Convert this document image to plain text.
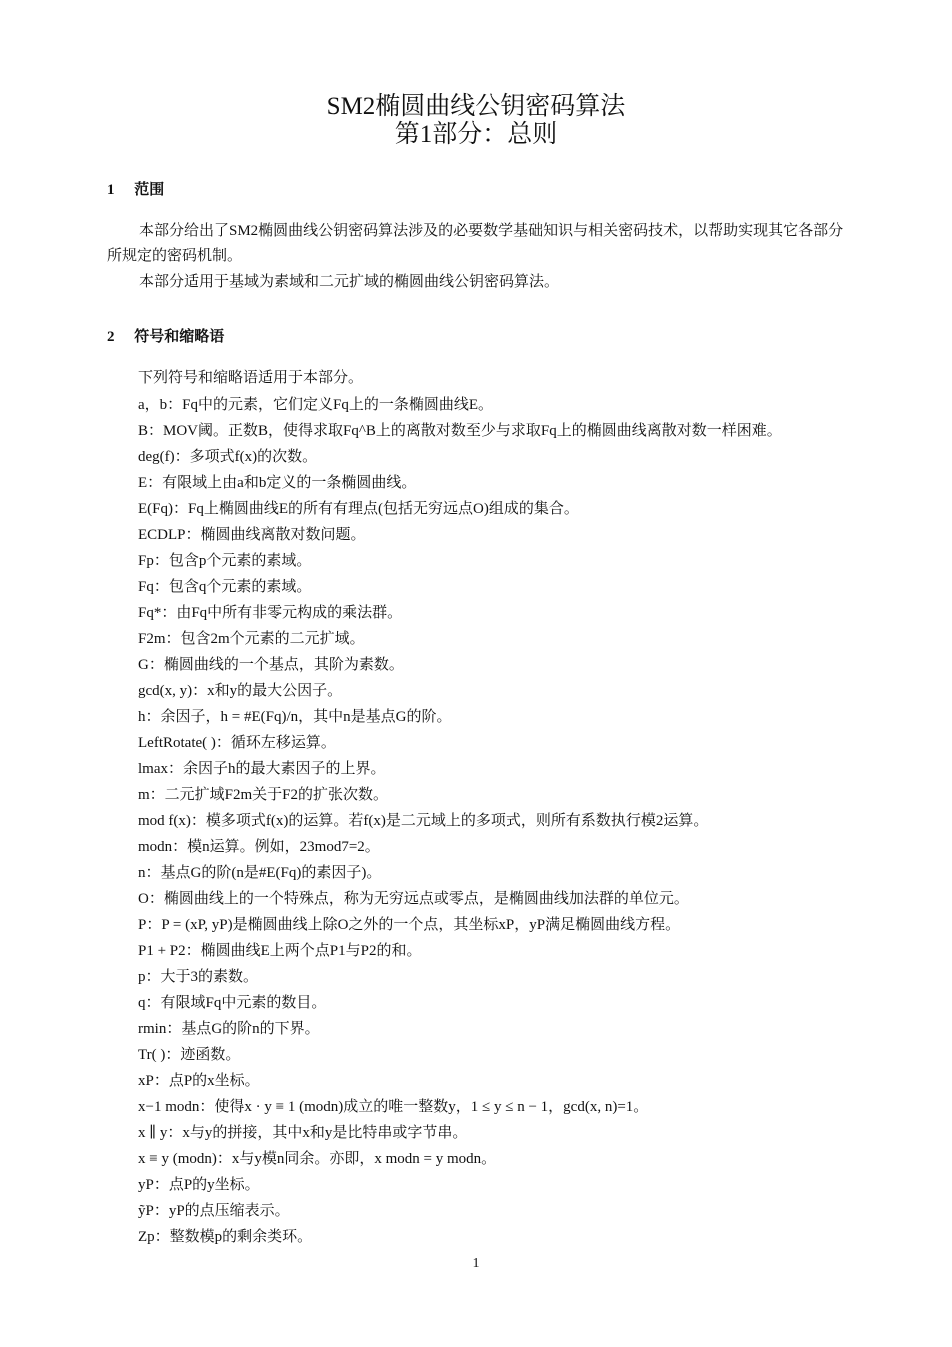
SM2椭圆曲线公钥密码算法
第1部分：总则
1 范围
本部分给出了SM2椭圆曲线公钥密码算法涉及的必要数学基础知识与相关密码技术，以帮助实现其它各部分所规定的密码机制。
本部分适用于基域为素域和二元扩域的椭圆曲线公钥密码算法。
2 符号和缩略语
下列符号和缩略语适用于本部分。
a，b：Fq中的元素，它们定义Fq上的一条椭圆曲线E。
B：MOV阈。正数B，使得求取Fq^B上的离散对数至少与求取Fq上的椭圆曲线离散对数一样困难。
deg(f)：多项式f(x)的次数。
E：有限域上由a和b定义的一条椭圆曲线。
E(Fq)：Fq上椭圆曲线E的所有有理点(包括无穷远点O)组成的集合。
ECDLP：椭圆曲线离散对数问题。
Fp：包含p个元素的素域。
Fq：包含q个元素的素域。
Fq*：由Fq中所有非零元构成的乘法群。
F2m：包含2m个元素的二元扩域。
G：椭圆曲线的一个基点，其阶为素数。
gcd(x, y)：x和y的最大公因子。
h：余因子，h = #E(Fq)/n，其中n是基点G的阶。
LeftRotate( )：循环左移运算。
lmax：余因子h的最大素因子的上界。
m：二元扩域F2m关于F2的扩张次数。
mod f(x)：模多项式f(x)的运算。若f(x)是二元域上的多项式，则所有系数执行模2运算。
modn：模n运算。例如，23mod7=2。
n：基点G的阶(n是#E(Fq)的素因子)。
O：椭圆曲线上的一个特殊点，称为无穷远点或零点，是椭圆曲线加法群的单位元。
P：P = (xP, yP)是椭圆曲线上除O之外的一个点，其坐标xP，yP满足椭圆曲线方程。
P1 + P2：椭圆曲线E上两个点P1与P2的和。
p：大于3的素数。
q：有限域Fq中元素的数目。
rmin：基点G的阶n的下界。
Tr( )：迹函数。
xP：点P的x坐标。
x−1 modn：使得x · y ≡ 1 (modn)成立的唯一整数y，1 ≤ y ≤ n − 1，gcd(x, n)=1。
x ∥ y：x与y的拼接，其中x和y是比特串或字节串。
x ≡ y (modn)：x与y模n同余。亦即，x modn = y modn。
yP：点P的y坐标。
ỹP：yP的点压缩表示。
Zp：整数模p的剩余类环。
1
